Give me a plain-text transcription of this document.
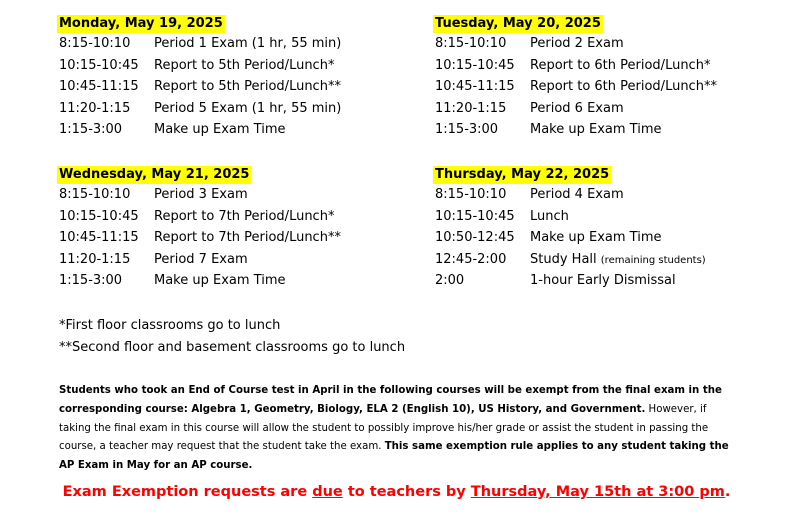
Monday, May 19, 2025
8:15-10:10	Period 1 Exam (1 hr, 55 min)
10:15-10:45	Report to 5th Period/Lunch*
10:45-11:15	Report to 5th Period/Lunch**
11:20-1:15	Period 5 Exam (1 hr, 55 min)
1:15-3:00	Make up Exam Time
Tuesday, May 20, 2025
8:15-10:10	Period 2 Exam
10:15-10:45	Report to 6th Period/Lunch*
10:45-11:15	Report to 6th Period/Lunch**
11:20-1:15	Period 6 Exam
1:15-3:00	Make up Exam Time
Wednesday, May 21, 2025
8:15-10:10	Period 3 Exam
10:15-10:45	Report to 7th Period/Lunch*
10:45-11:15	Report to 7th Period/Lunch**
11:20-1:15	Period 7 Exam
1:15-3:00	Make up Exam Time
Thursday, May 22, 2025
8:15-10:10	Period 4 Exam
10:15-10:45	Lunch
10:50-12:45	Make up Exam Time
12:45-2:00	Study Hall (remaining students)
2:00	1-hour Early Dismissal
*First floor classrooms go to lunch
**Second floor and basement classrooms go to lunch
Students who took an End of Course test in April in the following courses will be exempt from the final exam in the corresponding course: Algebra 1, Geometry, Biology, ELA 2 (English 10), US History, and Government. However, if taking the final exam in this course will allow the student to possibly improve his/her grade or assist the student in passing the course, a teacher may request that the student take the exam. This same exemption rule applies to any student taking the AP Exam in May for an AP course.
Exam Exemption requests are due to teachers by Thursday, May 15th at 3:00 pm.
